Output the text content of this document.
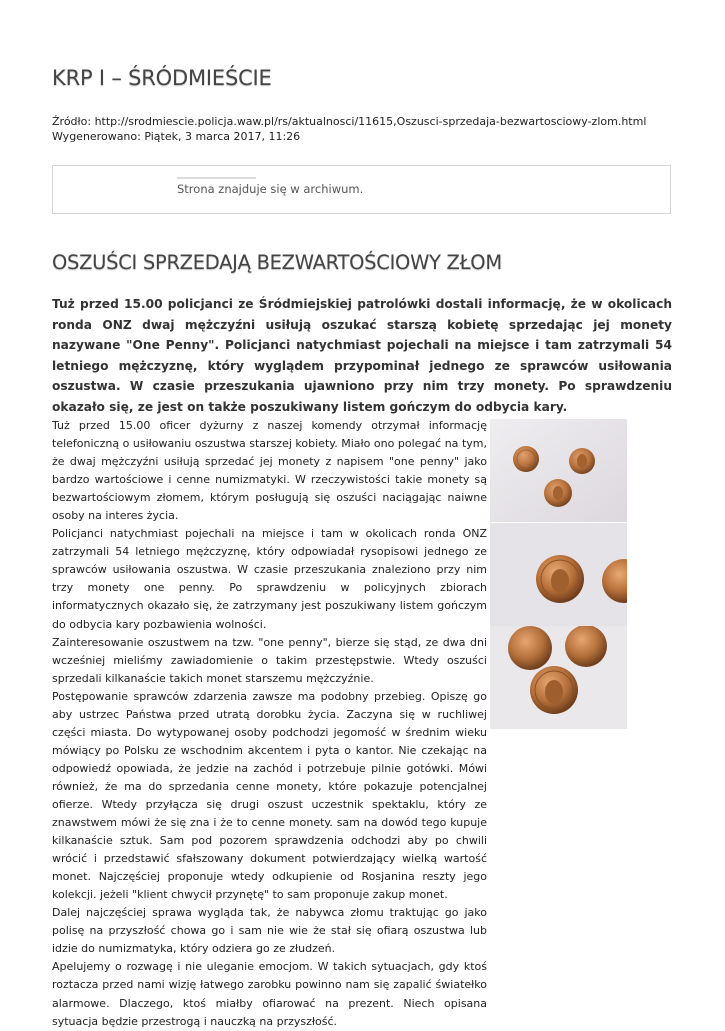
KRP I – ŚRÓDMIEŚCIE
Źródło: http://srodmiescie.policja.waw.pl/rs/aktualnosci/11615,Oszusci-sprzedaja-bezwartosciowy-zlom.html
Wygenerowano: Piątek, 3 marca 2017, 11:26
Strona znajduje się w archiwum.
OSZUŚCI SPRZEDAJĄ BEZWARTOŚCIOWY ZŁOM

Tuż przed 15.00 policjanci ze Śródmiejskiej patrolówki dostali informację, że w okolicach ronda ONZ dwaj mężczyźni usiłują oszukać starszą kobietę sprzedając jej monety nazywane "One Penny". Policjanci natychmiast pojechali na miejsce i tam zatrzymali 54 letniego mężczyznę, który wyglądem przypominał jednego ze sprawców usiłowania oszustwa. W czasie przeszukania ujawniono przy nim trzy monety. Po sprawdzeniu okazało się, ze jest on także poszukiwany listem gończym do odbycia kary.

Tuż przed 15.00 oficer dyżurny z naszej komendy otrzymał informację telefoniczną o usiłowaniu oszustwa starszej kobiety. Miało ono polegać na tym, że dwaj mężczyźni usiłują sprzedać jej monety z napisem "one penny" jako bardzo wartościowe i cenne numizmatyki. W rzeczywistości takie monety są bezwartościowym złomem, którym posługują się oszuści naciągając naiwne osoby na interes życia.

Policjanci natychmiast pojechali na miejsce i tam w okolicach ronda ONZ zatrzymali 54 letniego mężczyznę, który odpowiadał rysopisowi jednego ze sprawców usiłowania oszustwa. W czasie przeszukania znaleziono przy nim trzy monety one penny. Po sprawdzeniu w policyjnych zbiorach informatycznych okazało się, że zatrzymany jest poszukiwany listem gończym do odbycia kary pozbawienia wolności.

Zainteresowanie oszustwem na tzw. "one penny", bierze się stąd, ze dwa dni wcześniej mieliśmy zawiadomienie o takim przestępstwie. Wtedy oszuści sprzedali kilkanaście takich monet starszemu mężczyźnie.

Postępowanie sprawców zdarzenia zawsze ma podobny przebieg. Opiszę go aby ustrzec Państwa przed utratą dorobku życia. Zaczyna się w ruchliwej części miasta. Do wytypowanej osoby podchodzi jegomość w średnim wieku mówiący po Polsku ze wschodnim akcentem i pyta o kantor. Nie czekając na odpowiedź opowiada, że jedzie na zachód i potrzebuje pilnie gotówki. Mówi również, że ma do sprzedania cenne monety, które pokazuje potencjalnej ofierze. Wtedy przyłącza się drugi oszust uczestnik spektaklu, który ze znawstwem mówi że się zna i że to cenne monety. sam na dowód tego kupuje kilkanaście sztuk. Sam pod pozorem sprawdzenia odchodzi aby po chwili wrócić i przedstawić sfałszowany dokument potwierdzający wielką wartość monet. Najczęściej proponuje wtedy odkupienie od Rosjanina reszty jego kolekcji. jeżeli "klient chwycił przynętę" to sam proponuje zakup monet.

Dalej najczęściej sprawa wygląda tak, że nabywca złomu traktując go jako polisę na przyszłość chowa go i sam nie wie że stał się ofiarą oszustwa lub idzie do numizmatyka, który odziera go ze złudzeń.

Apelujemy o rozwagę i nie uleganie emocjom. W takich sytuacjach, gdy ktoś roztacza przed nami wizję łatwego zarobku powinno nam się zapalić światełko alarmowe. Dlaczego, ktoś miałby ofiarować na prezent. Niech opisana sytuacja będzie przestrogą i nauczką na przyszłość.
